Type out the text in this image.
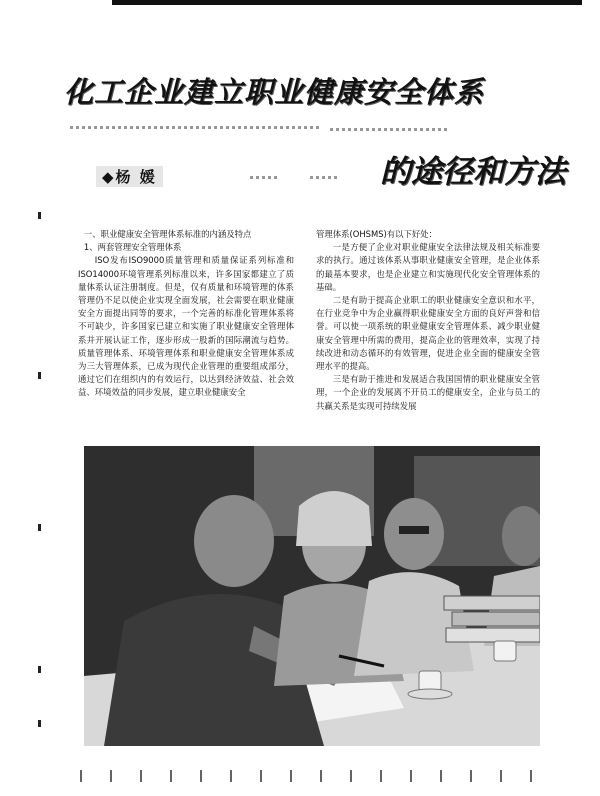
化工企业建立职业健康安全体系
◆杨 媛	的途径和方法

一、职业健康安全管理体系标准的内涵及特点

1、两套管理安全管理体系

ISO发布ISO9000质量管理和质量保证系列标准和ISO14000环境管理系列标准以来，许多国家都建立了质量体系认证注册制度。但是，仅有质量和环境管理的体系管理仍不足以使企业实现全面发展，社会需要在职业健康安全方面提出同等的要求，一个完善的标准化管理体系将不可缺少，许多国家已建立和实施了职业健康安全管理体系并开展认证工作，逐步形成一股新的国际潮流与趋势。质量管理体系、环境管理体系和职业健康安全管理体系成为三大管理体系，已成为现代企业管理的重要组成部分，通过它们在组织内的有效运行，以达到经济效益、社会效益、环境效益的同步发展，建立职业健康安全

管理体系(OHSMS)有以下好处：

一是方便了企业对职业健康安全法律法规及相关标准要求的执行。通过该体系从事职业健康安全管理，是企业体系的最基本要求，也是企业建立和实施现代化安全管理体系的基础。

二是有助于提高企业职工的职业健康安全意识和水平，在行业竞争中为企业赢得职业健康安全方面的良好声誉和信誉。可以使一项系统的职业健康安全管理体系、减少职业健康安全管理中所需的费用，提高企业的管理效率，实现了持续改进和动态循环的有效管理，促进企业全面的健康安全管理水平的提高。

三是有助于推进和发展适合我国国情的职业健康安全管理，一个企业的发展离不开员工的健康安全，企业与员工的共赢关系是实现可持续发展
